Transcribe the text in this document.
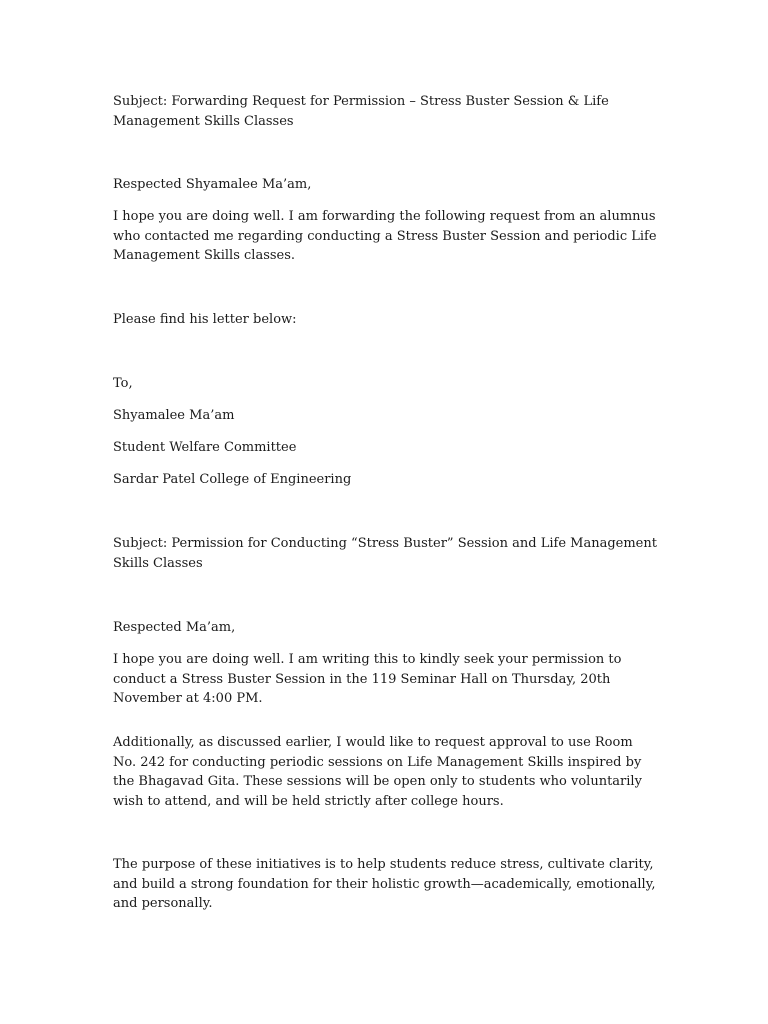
Subject: Forwarding Request for Permission – Stress Buster Session & Life Management Skills Classes

Respected Shyamalee Ma’am,

I hope you are doing well. I am forwarding the following request from an alumnus who contacted me regarding conducting a Stress Buster Session and periodic Life Management Skills classes.

Please find his letter below:

To,

Shyamalee Ma’am

Student Welfare Committee

Sardar Patel College of Engineering

Subject: Permission for Conducting “Stress Buster” Session and Life Management Skills Classes

Respected Ma’am,

I hope you are doing well. I am writing this to kindly seek your permission to conduct a Stress Buster Session in the 119 Seminar Hall on Thursday, 20th November at 4:00 PM.

Additionally, as discussed earlier, I would like to request approval to use Room No. 242 for conducting periodic sessions on Life Management Skills inspired by the Bhagavad Gita. These sessions will be open only to students who voluntarily wish to attend, and will be held strictly after college hours.

The purpose of these initiatives is to help students reduce stress, cultivate clarity, and build a strong foundation for their holistic growth—academically, emotionally, and personally.
